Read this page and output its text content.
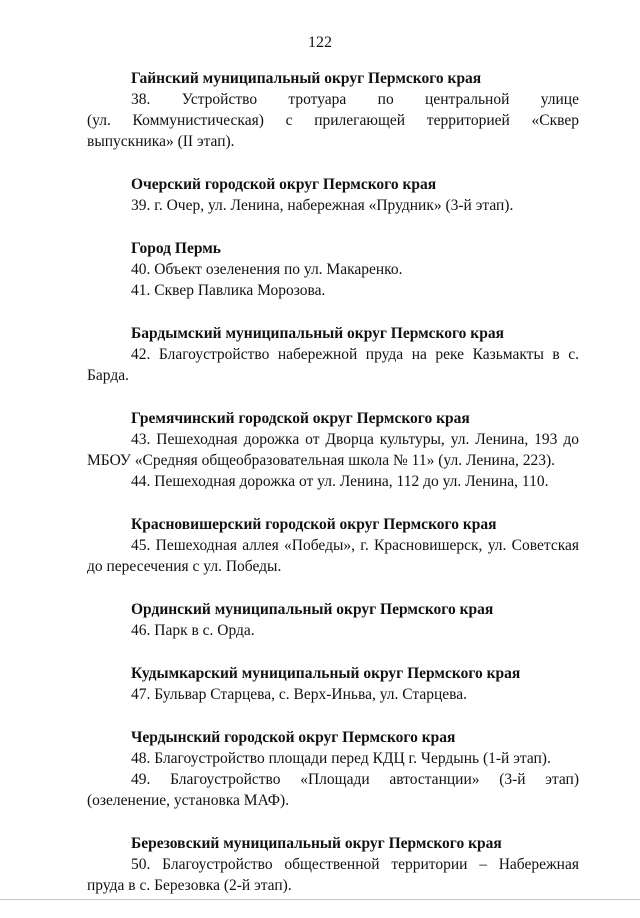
122

Гайнский муниципальный округ Пермского края

38. Устройство тротуара по центральной улице

(ул. Коммунистическая) с прилегающей территорией «Сквер выпускника» (II этап).

Очерский городской округ Пермского края

39. г. Очер, ул. Ленина, набережная «Прудник» (3-й этап).

Город Пермь

40. Объект озеленения по ул. Макаренко.

41. Сквер Павлика Морозова.

Бардымский муниципальный округ Пермского края

42. Благоустройство набережной пруда на реке Казьмакты в с. Барда.

Гремячинский городской округ Пермского края

43. Пешеходная дорожка от Дворца культуры, ул. Ленина, 193 до МБОУ «Средняя общеобразовательная школа № 11» (ул. Ленина, 223).

44. Пешеходная дорожка от ул. Ленина, 112 до ул. Ленина, 110.

Красновишерский городской округ Пермского края

45. Пешеходная аллея «Победы», г. Красновишерск, ул. Советская до пересечения с ул. Победы.

Ординский муниципальный округ Пермского края

46. Парк в с. Орда.

Кудымкарский муниципальный округ Пермского края

47. Бульвар Старцева, с. Верх-Иньва, ул. Старцева.

Чердынский городской округ Пермского края

48. Благоустройство площади перед КДЦ г. Чердынь (1-й этап).

49. Благоустройство «Площади автостанции» (3-й этап) (озеленение, установка МАФ).

Березовский муниципальный округ Пермского края

50. Благоустройство общественной территории – Набережная пруда в с. Березовка (2-й этап).
